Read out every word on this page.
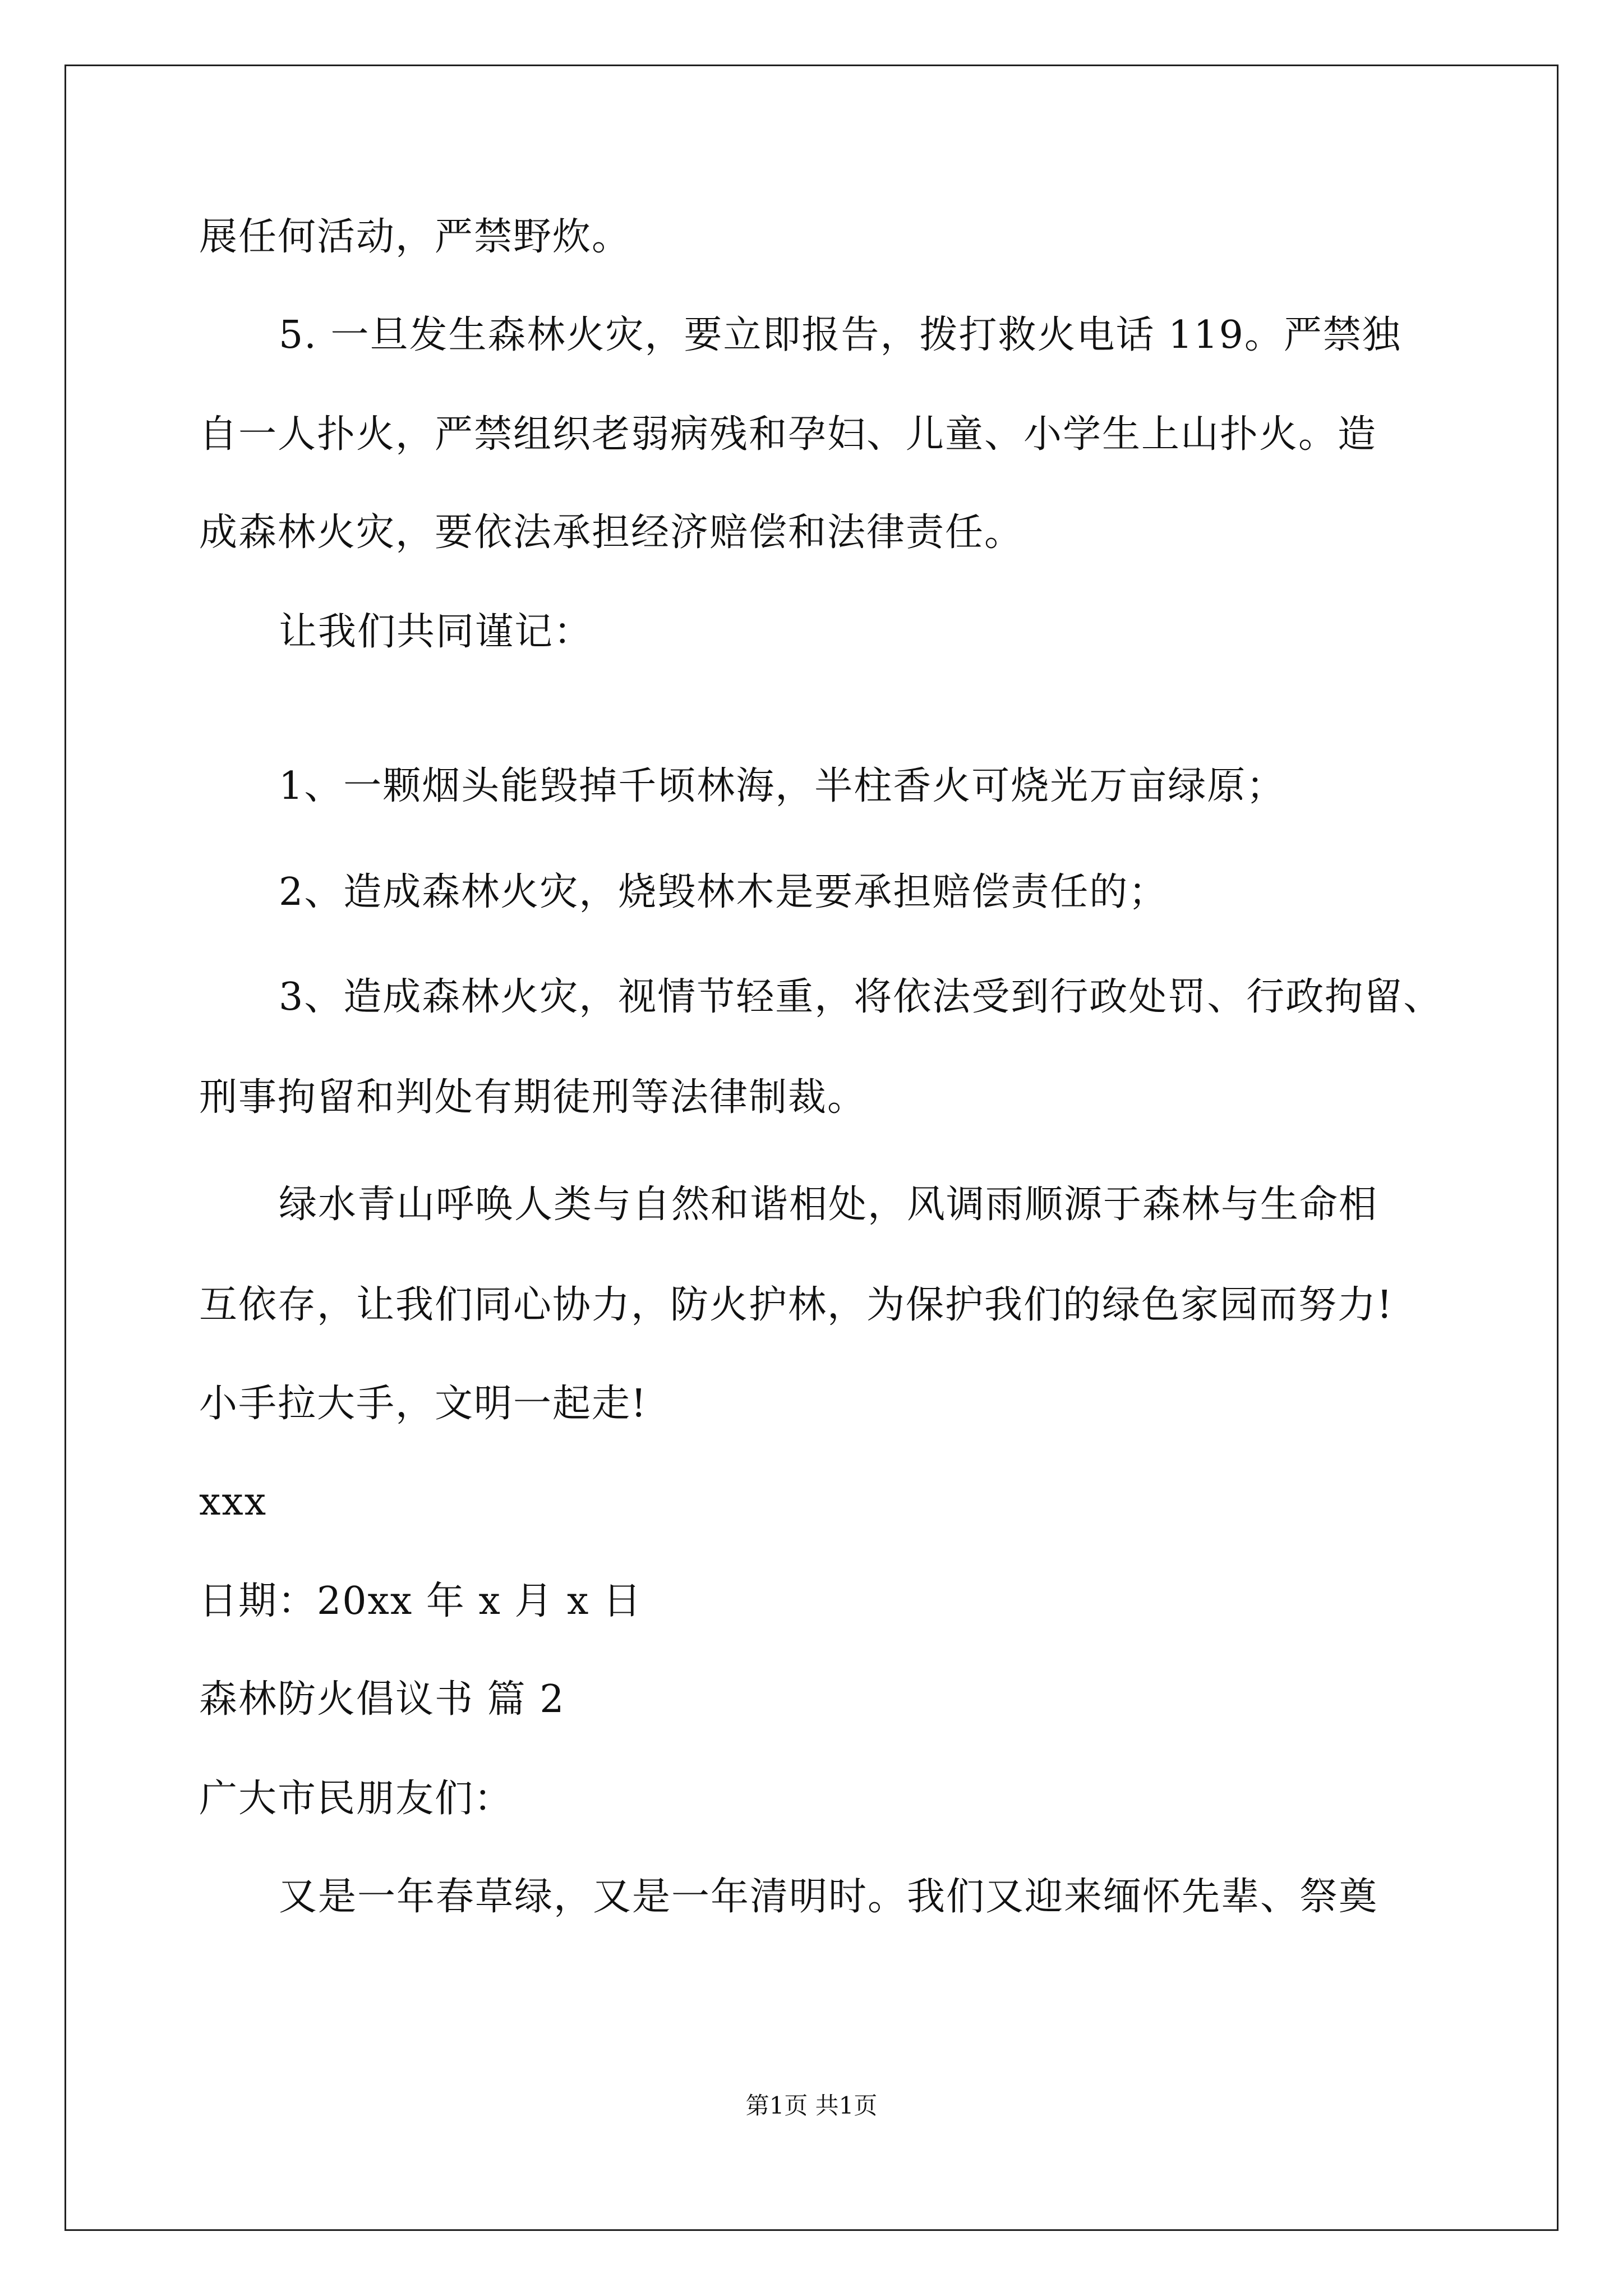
展任何活动，严禁野炊。
5. 一旦发生森林火灾，要立即报告，拨打救火电话 119。严禁独
自一人扑火，严禁组织老弱病残和孕妇、儿童、小学生上山扑火。造
成森林火灾，要依法承担经济赔偿和法律责任。
让我们共同谨记：
1、一颗烟头能毁掉千顷林海，半柱香火可烧光万亩绿原；
2、造成森林火灾，烧毁林木是要承担赔偿责任的；
3、造成森林火灾，视情节轻重，将依法受到行政处罚、行政拘留、
刑事拘留和判处有期徒刑等法律制裁。
绿水青山呼唤人类与自然和谐相处，风调雨顺源于森林与生命相
互依存，让我们同心协力，防火护林，为保护我们的绿色家园而努力!
小手拉大手，文明一起走!
xxx
日期：20xx 年 x 月 x 日
森林防火倡议书 篇 2
广大市民朋友们：
又是一年春草绿，又是一年清明时。我们又迎来缅怀先辈、祭奠
第1页 共1页
